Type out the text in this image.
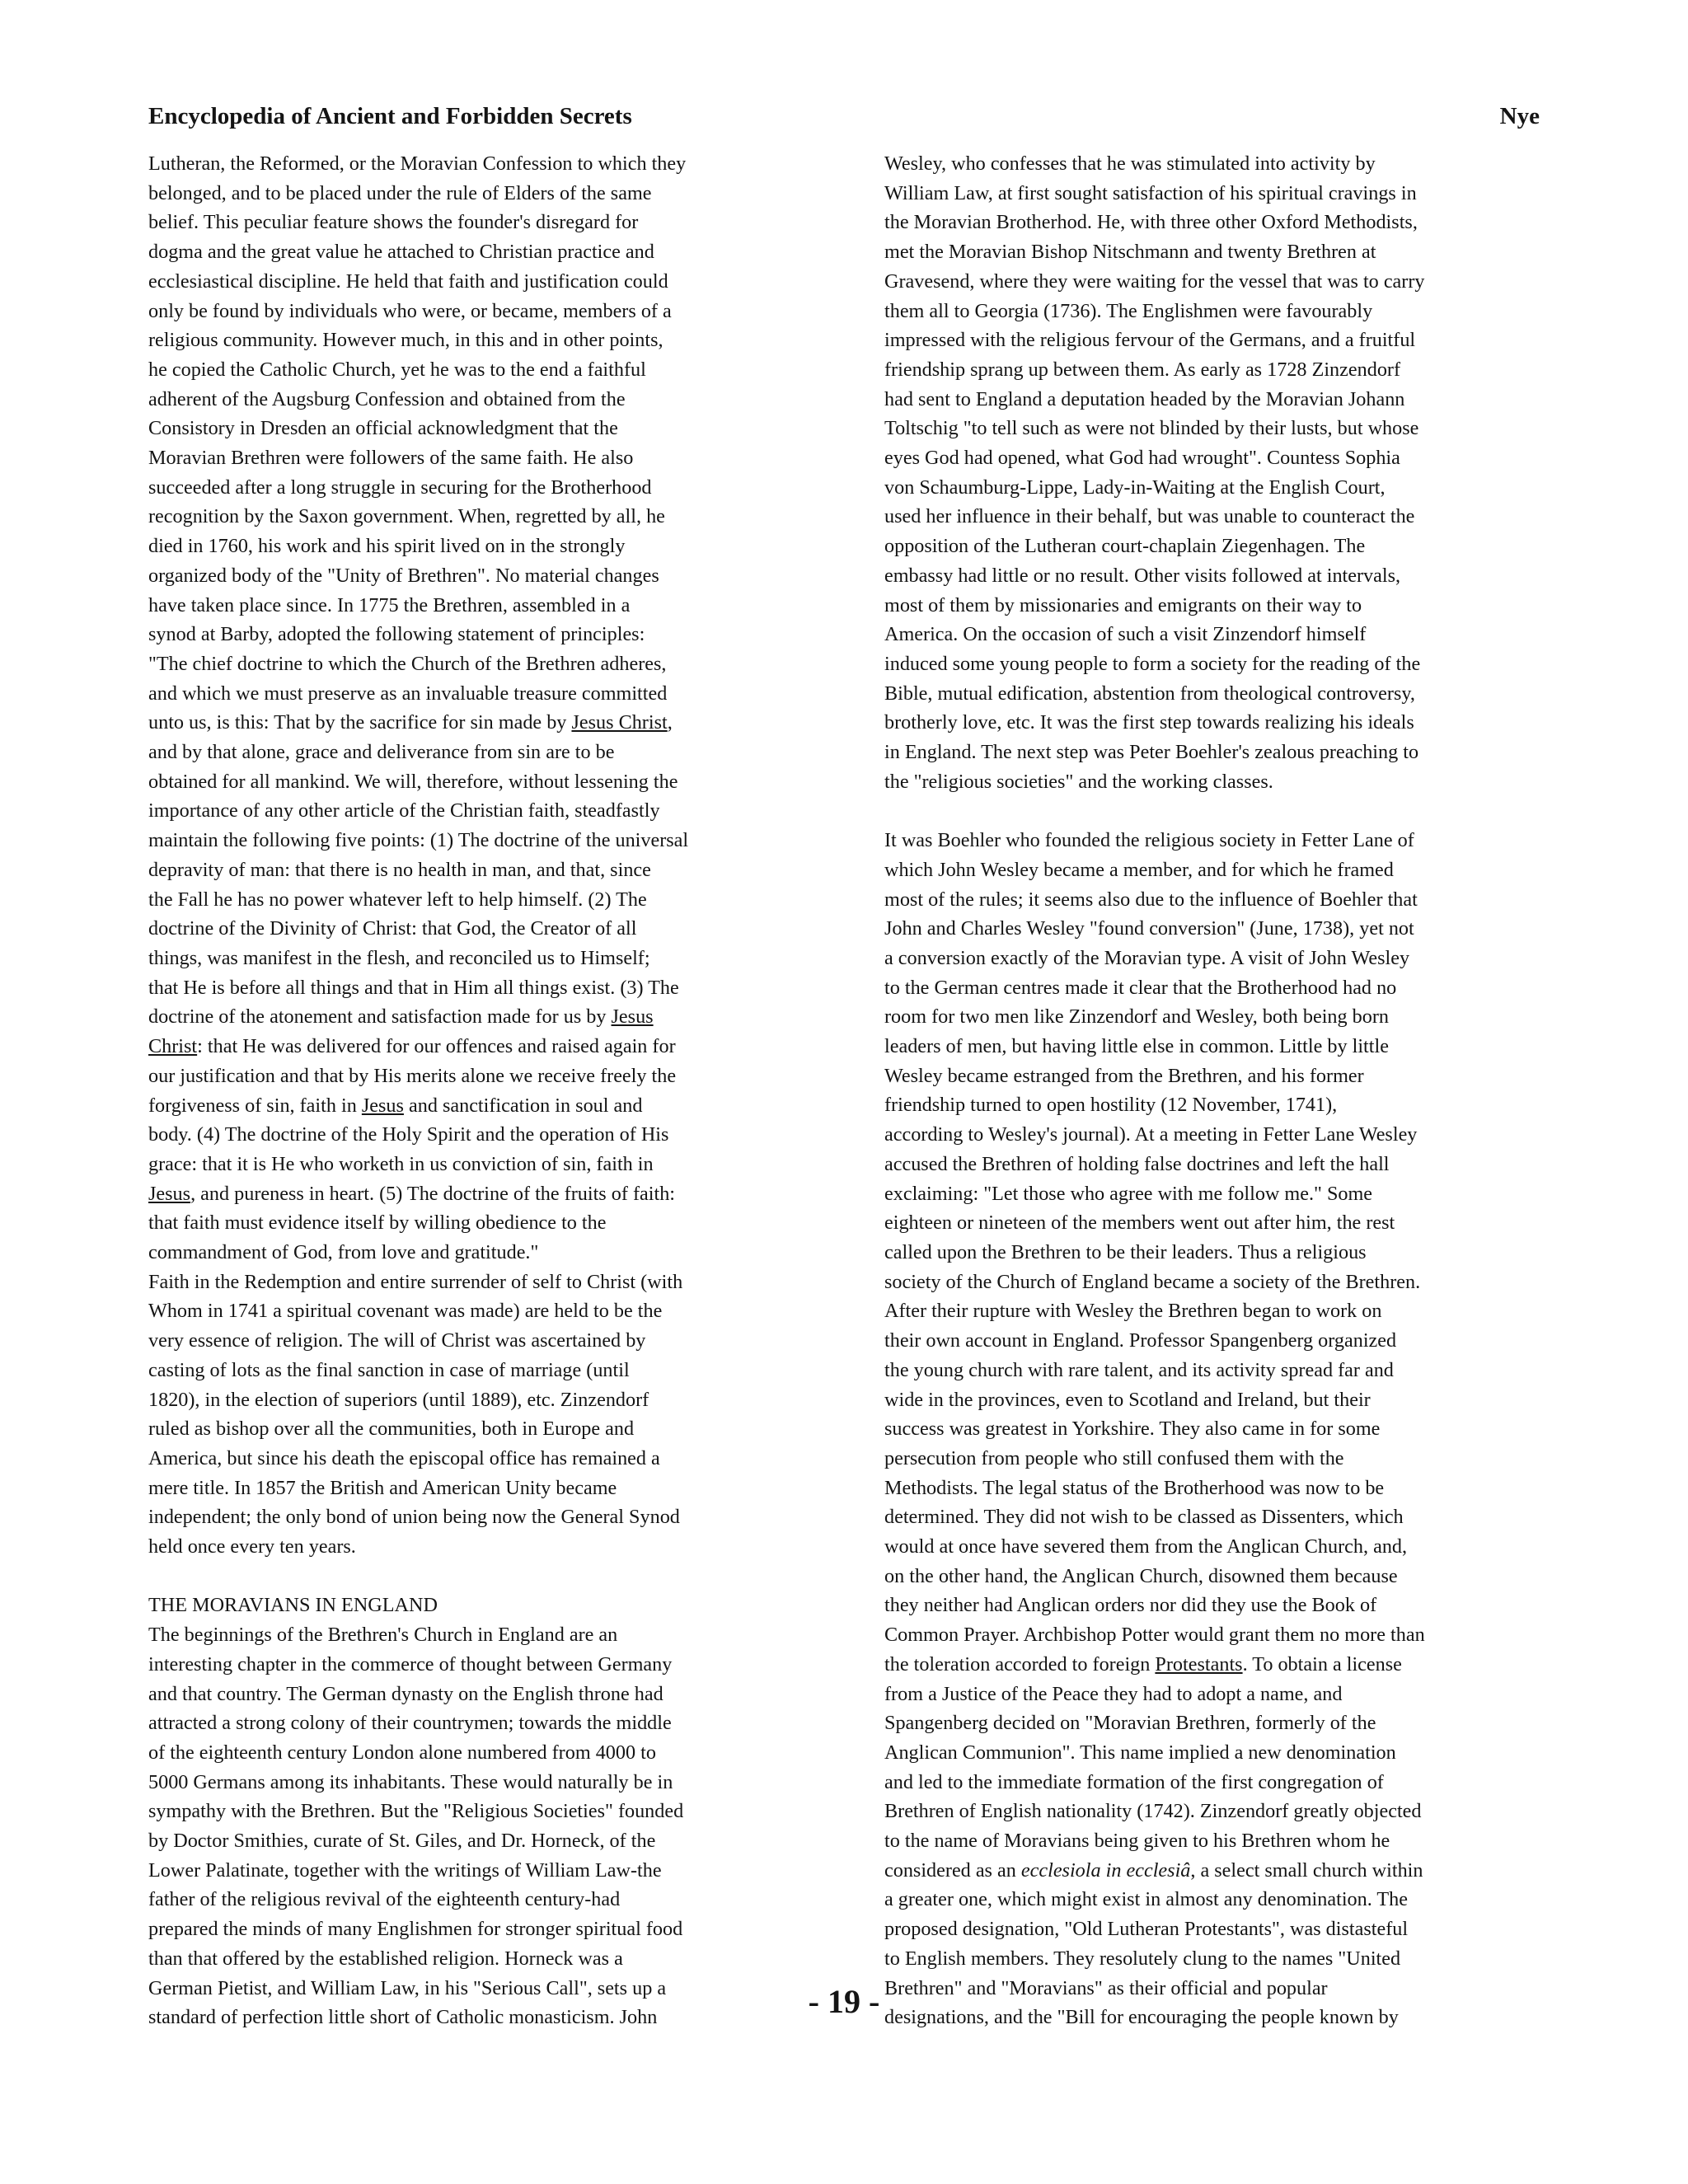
Encyclopedia of Ancient and Forbidden Secrets	Nye
Lutheran, the Reformed, or the Moravian Confession to which they
belonged, and to be placed under the rule of Elders of the same
belief. This peculiar feature shows the founder's disregard for
dogma and the great value he attached to Christian practice and
ecclesiastical discipline. He held that faith and justification could
only be found by individuals who were, or became, members of a
religious community. However much, in this and in other points,
he copied the Catholic Church, yet he was to the end a faithful
adherent of the Augsburg Confession and obtained from the
Consistory in Dresden an official acknowledgment that the
Moravian Brethren were followers of the same faith. He also
succeeded after a long struggle in securing for the Brotherhood
recognition by the Saxon government. When, regretted by all, he
died in 1760, his work and his spirit lived on in the strongly
organized body of the "Unity of Brethren". No material changes
have taken place since. In 1775 the Brethren, assembled in a
synod at Barby, adopted the following statement of principles:
"The chief doctrine to which the Church of the Brethren adheres,
and which we must preserve as an invaluable treasure committed
unto us, is this: That by the sacrifice for sin made by Jesus Christ,
and by that alone, grace and deliverance from sin are to be
obtained for all mankind. We will, therefore, without lessening the
importance of any other article of the Christian faith, steadfastly
maintain the following five points: (1) The doctrine of the universal
depravity of man: that there is no health in man, and that, since
the Fall he has no power whatever left to help himself. (2) The
doctrine of the Divinity of Christ: that God, the Creator of all
things, was manifest in the flesh, and reconciled us to Himself;
that He is before all things and that in Him all things exist. (3) The
doctrine of the atonement and satisfaction made for us by Jesus
Christ: that He was delivered for our offences and raised again for
our justification and that by His merits alone we receive freely the
forgiveness of sin, faith in Jesus and sanctification in soul and
body. (4) The doctrine of the Holy Spirit and the operation of His
grace: that it is He who worketh in us conviction of sin, faith in
Jesus, and pureness in heart. (5) The doctrine of the fruits of faith:
that faith must evidence itself by willing obedience to the
commandment of God, from love and gratitude."
Faith in the Redemption and entire surrender of self to Christ (with
Whom in 1741 a spiritual covenant was made) are held to be the
very essence of religion. The will of Christ was ascertained by
casting of lots as the final sanction in case of marriage (until
1820), in the election of superiors (until 1889), etc. Zinzendorf
ruled as bishop over all the communities, both in Europe and
America, but since his death the episcopal office has remained a
mere title. In 1857 the British and American Unity became
independent; the only bond of union being now the General Synod
held once every ten years.
THE MORAVIANS IN ENGLAND
The beginnings of the Brethren's Church in England are an
interesting chapter in the commerce of thought between Germany
and that country. The German dynasty on the English throne had
attracted a strong colony of their countrymen; towards the middle
of the eighteenth century London alone numbered from 4000 to
5000 Germans among its inhabitants. These would naturally be in
sympathy with the Brethren. But the "Religious Societies" founded
by Doctor Smithies, curate of St. Giles, and Dr. Horneck, of the
Lower Palatinate, together with the writings of William Law-the
father of the religious revival of the eighteenth century-had
prepared the minds of many Englishmen for stronger spiritual food
than that offered by the established religion. Horneck was a
German Pietist, and William Law, in his "Serious Call", sets up a
standard of perfection little short of Catholic monasticism. John
Wesley, who confesses that he was stimulated into activity by
William Law, at first sought satisfaction of his spiritual cravings in
the Moravian Brotherhod. He, with three other Oxford Methodists,
met the Moravian Bishop Nitschmann and twenty Brethren at
Gravesend, where they were waiting for the vessel that was to carry
them all to Georgia (1736). The Englishmen were favourably
impressed with the religious fervour of the Germans, and a fruitful
friendship sprang up between them. As early as 1728 Zinzendorf
had sent to England a deputation headed by the Moravian Johann
Toltschig "to tell such as were not blinded by their lusts, but whose
eyes God had opened, what God had wrought". Countess Sophia
von Schaumburg-Lippe, Lady-in-Waiting at the English Court,
used her influence in their behalf, but was unable to counteract the
opposition of the Lutheran court-chaplain Ziegenhagen. The
embassy had little or no result. Other visits followed at intervals,
most of them by missionaries and emigrants on their way to
America. On the occasion of such a visit Zinzendorf himself
induced some young people to form a society for the reading of the
Bible, mutual edification, abstention from theological controversy,
brotherly love, etc. It was the first step towards realizing his ideals
in England. The next step was Peter Boehler's zealous preaching to
the "religious societies" and the working classes.
It was Boehler who founded the religious society in Fetter Lane of
which John Wesley became a member, and for which he framed
most of the rules; it seems also due to the influence of Boehler that
John and Charles Wesley "found conversion" (June, 1738), yet not
a conversion exactly of the Moravian type. A visit of John Wesley
to the German centres made it clear that the Brotherhood had no
room for two men like Zinzendorf and Wesley, both being born
leaders of men, but having little else in common. Little by little
Wesley became estranged from the Brethren, and his former
friendship turned to open hostility (12 November, 1741),
according to Wesley's journal). At a meeting in Fetter Lane Wesley
accused the Brethren of holding false doctrines and left the hall
exclaiming: "Let those who agree with me follow me." Some
eighteen or nineteen of the members went out after him, the rest
called upon the Brethren to be their leaders. Thus a religious
society of the Church of England became a society of the Brethren.
After their rupture with Wesley the Brethren began to work on
their own account in England. Professor Spangenberg organized
the young church with rare talent, and its activity spread far and
wide in the provinces, even to Scotland and Ireland, but their
success was greatest in Yorkshire. They also came in for some
persecution from people who still confused them with the
Methodists. The legal status of the Brotherhood was now to be
determined. They did not wish to be classed as Dissenters, which
would at once have severed them from the Anglican Church, and,
on the other hand, the Anglican Church, disowned them because
they neither had Anglican orders nor did they use the Book of
Common Prayer. Archbishop Potter would grant them no more than
the toleration accorded to foreign Protestants. To obtain a license
from a Justice of the Peace they had to adopt a name, and
Spangenberg decided on "Moravian Brethren, formerly of the
Anglican Communion". This name implied a new denomination
and led to the immediate formation of the first congregation of
Brethren of English nationality (1742). Zinzendorf greatly objected
to the name of Moravians being given to his Brethren whom he
considered as an ecclesiola in ecclesiâ, a select small church within
a greater one, which might exist in almost any denomination. The
proposed designation, "Old Lutheran Protestants", was distasteful
to English members. They resolutely clung to the names "United
Brethren" and "Moravians" as their official and popular
designations, and the "Bill for encouraging the people known by
- 19 -
